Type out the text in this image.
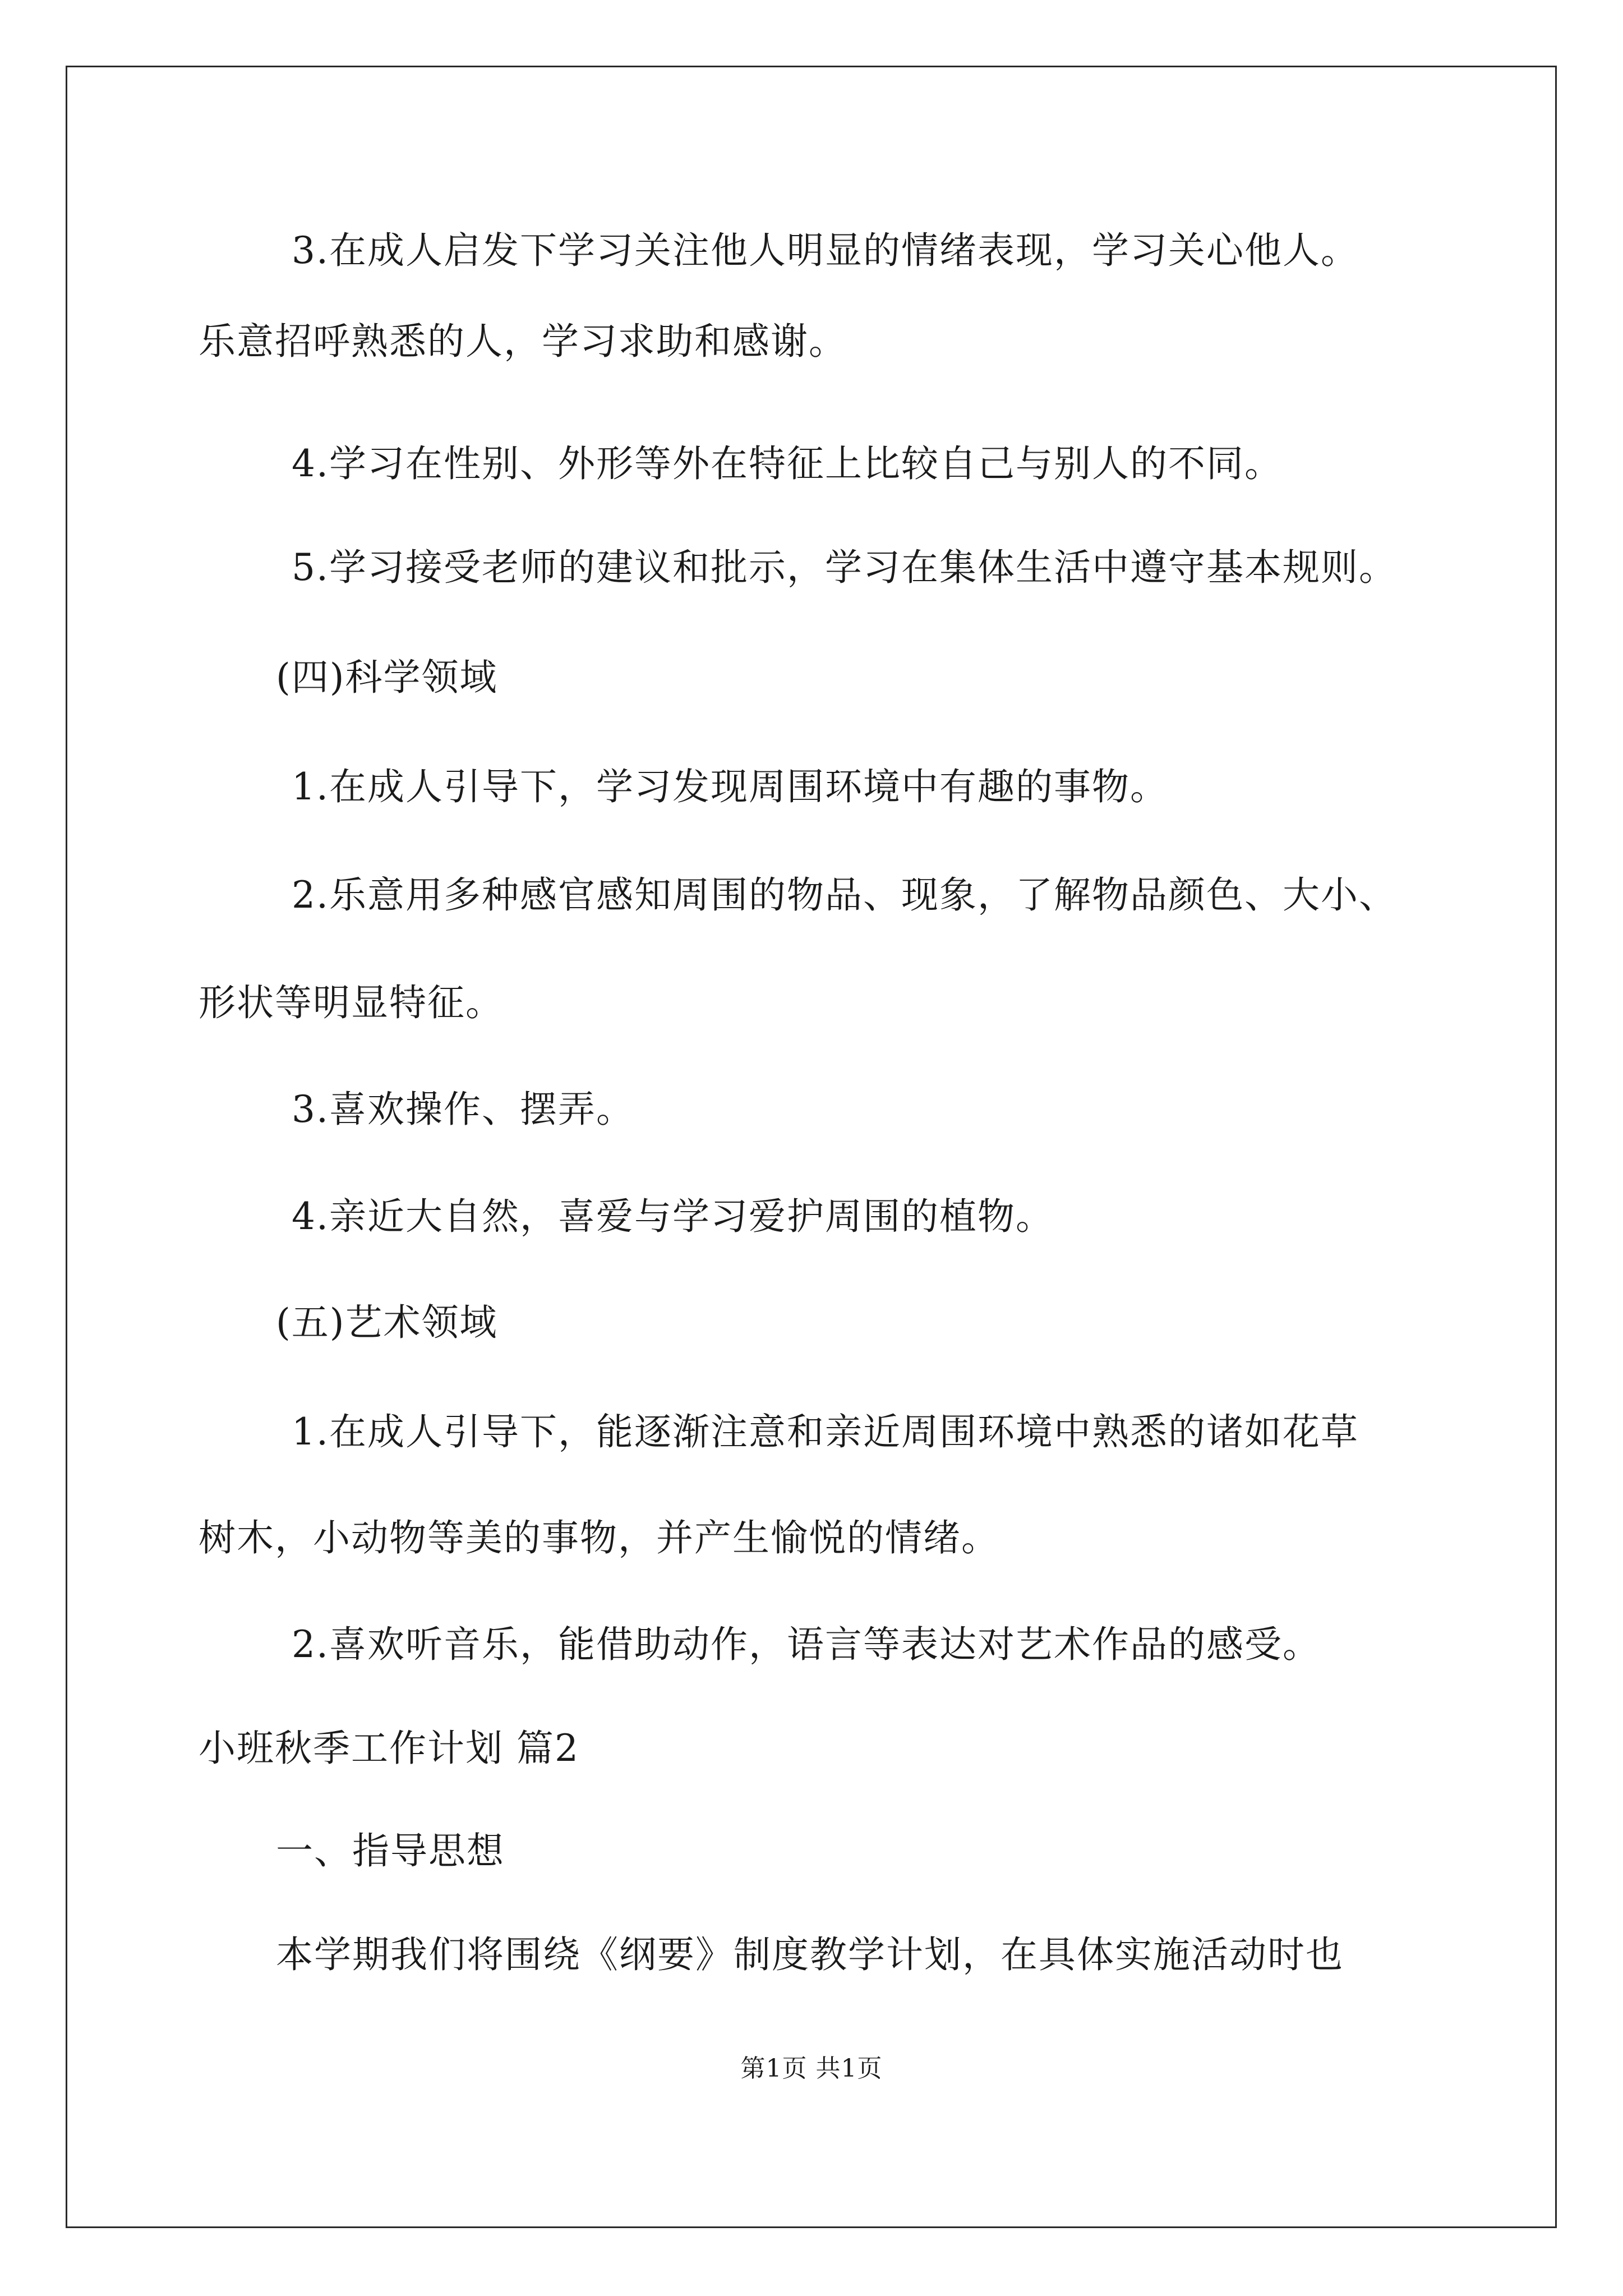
3.在成人启发下学习关注他人明显的情绪表现，学习关心他人。
乐意招呼熟悉的人，学习求助和感谢。
4.学习在性别、外形等外在特征上比较自己与别人的不同。
5.学习接受老师的建议和批示，学习在集体生活中遵守基本规则。
(四)科学领域
1.在成人引导下，学习发现周围环境中有趣的事物。
2.乐意用多种感官感知周围的物品、现象，了解物品颜色、大小、
形状等明显特征。
3.喜欢操作、摆弄。
4.亲近大自然，喜爱与学习爱护周围的植物。
(五)艺术领域
1.在成人引导下，能逐渐注意和亲近周围环境中熟悉的诸如花草
树木，小动物等美的事物，并产生愉悦的情绪。
2.喜欢听音乐，能借助动作，语言等表达对艺术作品的感受。
小班秋季工作计划 篇2
一、指导思想
本学期我们将围绕《纲要》制度教学计划，在具体实施活动时也
第1页 共1页
